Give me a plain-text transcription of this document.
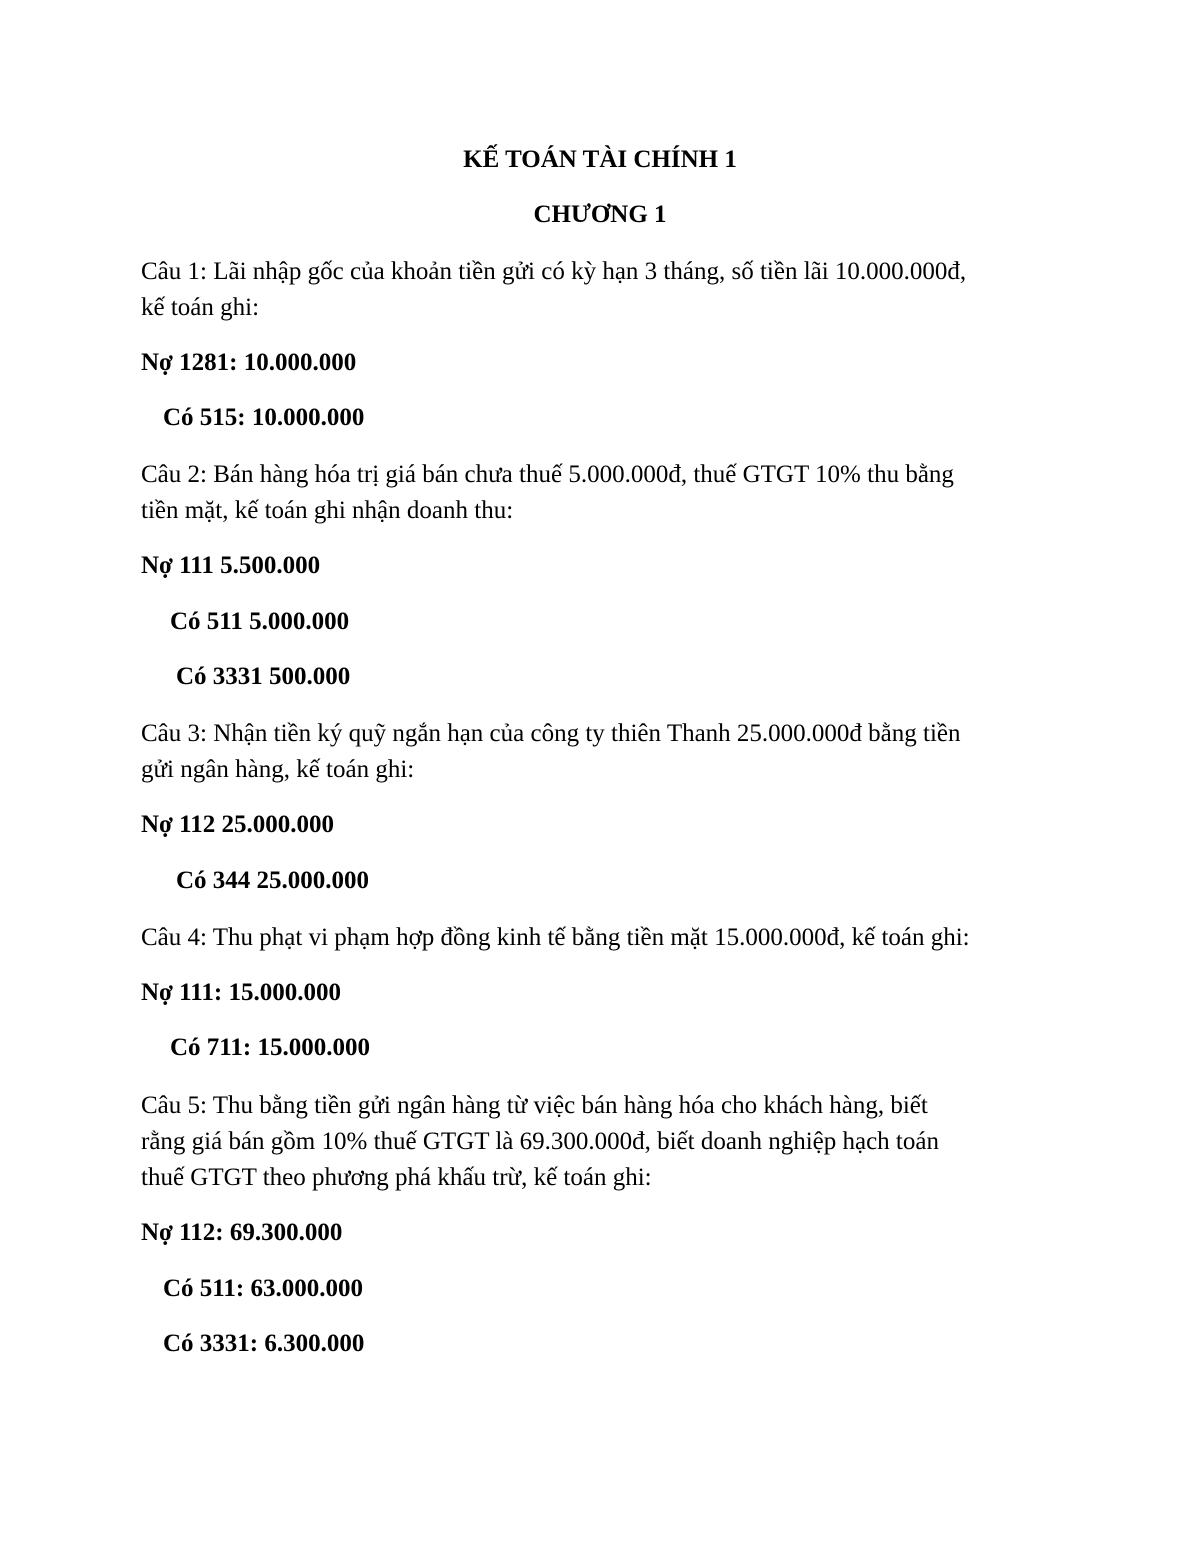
KẾ TOÁN TÀI CHÍNH 1
CHƯƠNG 1
Câu 1: Lãi nhập gốc của khoản tiền gửi có kỳ hạn 3 tháng, số tiền lãi 10.000.000đ,
kế toán ghi:
Nợ 1281: 10.000.000
Có 515: 10.000.000
Câu 2: Bán hàng hóa trị giá bán chưa thuế 5.000.000đ, thuế GTGT 10% thu bằng
tiền mặt, kế toán ghi nhận doanh thu:
Nợ 111 5.500.000
Có 511 5.000.000
Có 3331 500.000
Câu 3: Nhận tiền ký quỹ ngắn hạn của công ty thiên Thanh 25.000.000đ bằng tiền
gửi ngân hàng, kế toán ghi:
Nợ 112 25.000.000
Có 344 25.000.000
Câu 4: Thu phạt vi phạm hợp đồng kinh tế bằng tiền mặt 15.000.000đ, kế toán ghi:
Nợ 111: 15.000.000
Có 711: 15.000.000
Câu 5: Thu bằng tiền gửi ngân hàng từ việc bán hàng hóa cho khách hàng, biết
rằng giá bán gồm 10% thuế GTGT là 69.300.000đ, biết doanh nghiệp hạch toán
thuế GTGT theo phương phá khấu trừ, kế toán ghi:
Nợ 112: 69.300.000
Có 511: 63.000.000
Có 3331: 6.300.000
